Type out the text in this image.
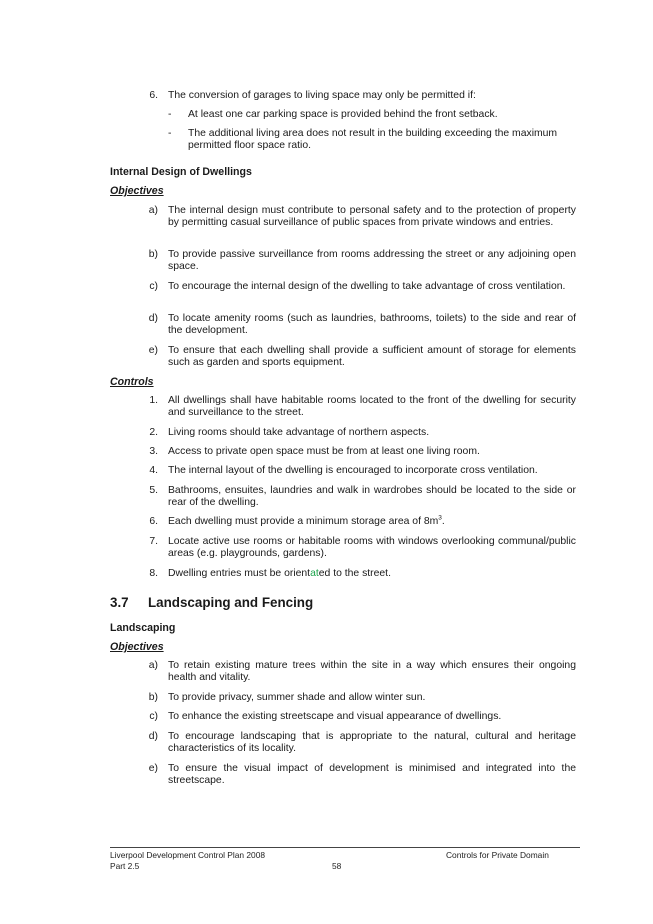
6. The conversion of garages to living space may only be permitted if:
- At least one car parking space is provided behind the front setback.
- The additional living area does not result in the building exceeding the maximum permitted floor space ratio.
Internal Design of Dwellings
Objectives
a) The internal design must contribute to personal safety and to the protection of property by permitting casual surveillance of public spaces from private windows and entries.
b) To provide passive surveillance from rooms addressing the street or any adjoining open space.
c) To encourage the internal design of the dwelling to take advantage of cross ventilation.
d) To locate amenity rooms (such as laundries, bathrooms, toilets) to the side and rear of the development.
e) To ensure that each dwelling shall provide a sufficient amount of storage for elements such as garden and sports equipment.
Controls
1. All dwellings shall have habitable rooms located to the front of the dwelling for security and surveillance to the street.
2. Living rooms should take advantage of northern aspects.
3. Access to private open space must be from at least one living room.
4. The internal layout of the dwelling is encouraged to incorporate cross ventilation.
5. Bathrooms, ensuites, laundries and walk in wardrobes should be located to the side or rear of the dwelling.
6. Each dwelling must provide a minimum storage area of $8m^3$.
7. Locate active use rooms or habitable rooms with windows overlooking communal/public areas (e.g. playgrounds, gardens).
8. Dwelling entries must be orientated to the street.
3.7 Landscaping and Fencing
Landscaping
Objectives
a) To retain existing mature trees within the site in a way which ensures their ongoing health and vitality.
b) To provide privacy, summer shade and allow winter sun.
c) To enhance the existing streetscape and visual appearance of dwellings.
d) To encourage landscaping that is appropriate to the natural, cultural and heritage characteristics of its locality.
e) To ensure the visual impact of development is minimised and integrated into the streetscape.
Liverpool Development Control Plan 2008
Part 2.5	58
Controls for Private Domain
